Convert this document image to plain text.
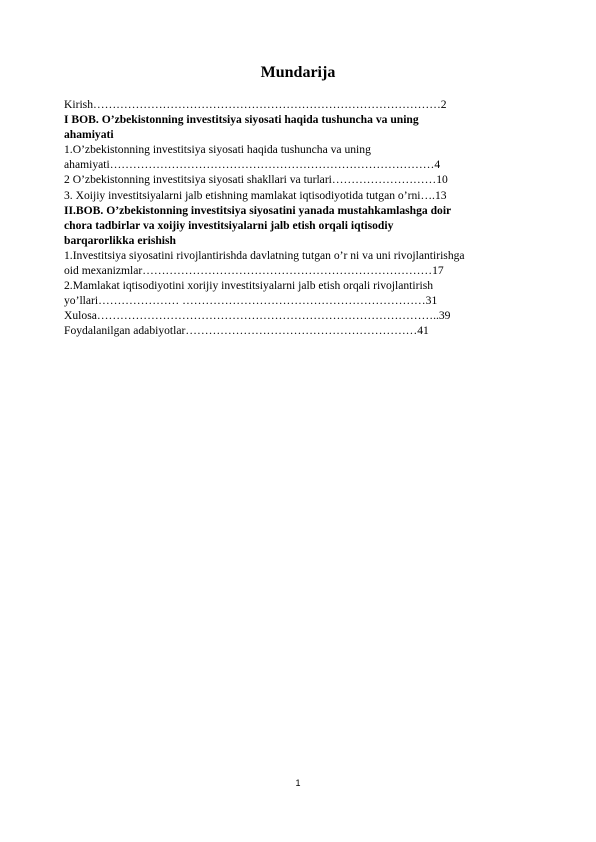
Mundarija
Kirish………………………………………………………………………………2
I BOB. O’zbekistonning investitsiya siyosati haqida tushuncha va uning
ahamiyati
1.O’zbekistonning investitsiya siyosati haqida tushuncha va uning
ahamiyati…………………………………………………………………………4
2 O’zbekistonning investitsiya siyosati shakllari va turlari………………………10
3. Xoijiy investitsiyalarni jalb etishning mamlakat iqtisodiyotida tutgan o’rni….13
II.BOB. O’zbekistonning investitsiya siyosatini yanada mustahkamlashga doir
chora tadbirlar va xoijiy investitsiyalarni jalb etish orqali iqtisodiy
barqarorlikka erishish
1.Investitsiya siyosatini rivojlantirishda davlatning tutgan o’r ni va uni rivojlantirishga
oid mexanizmlar…………………………………………………………………17
2.Mamlakat iqtisodiyotini xorijiy investitsiyalarni jalb etish orqali rivojlantirish
yo’llari………………… ………………………………………………………31
Xulosa……………………………………………………………………………..39
Foydalanilgan adabiyotlar……………………………………………………41
1
